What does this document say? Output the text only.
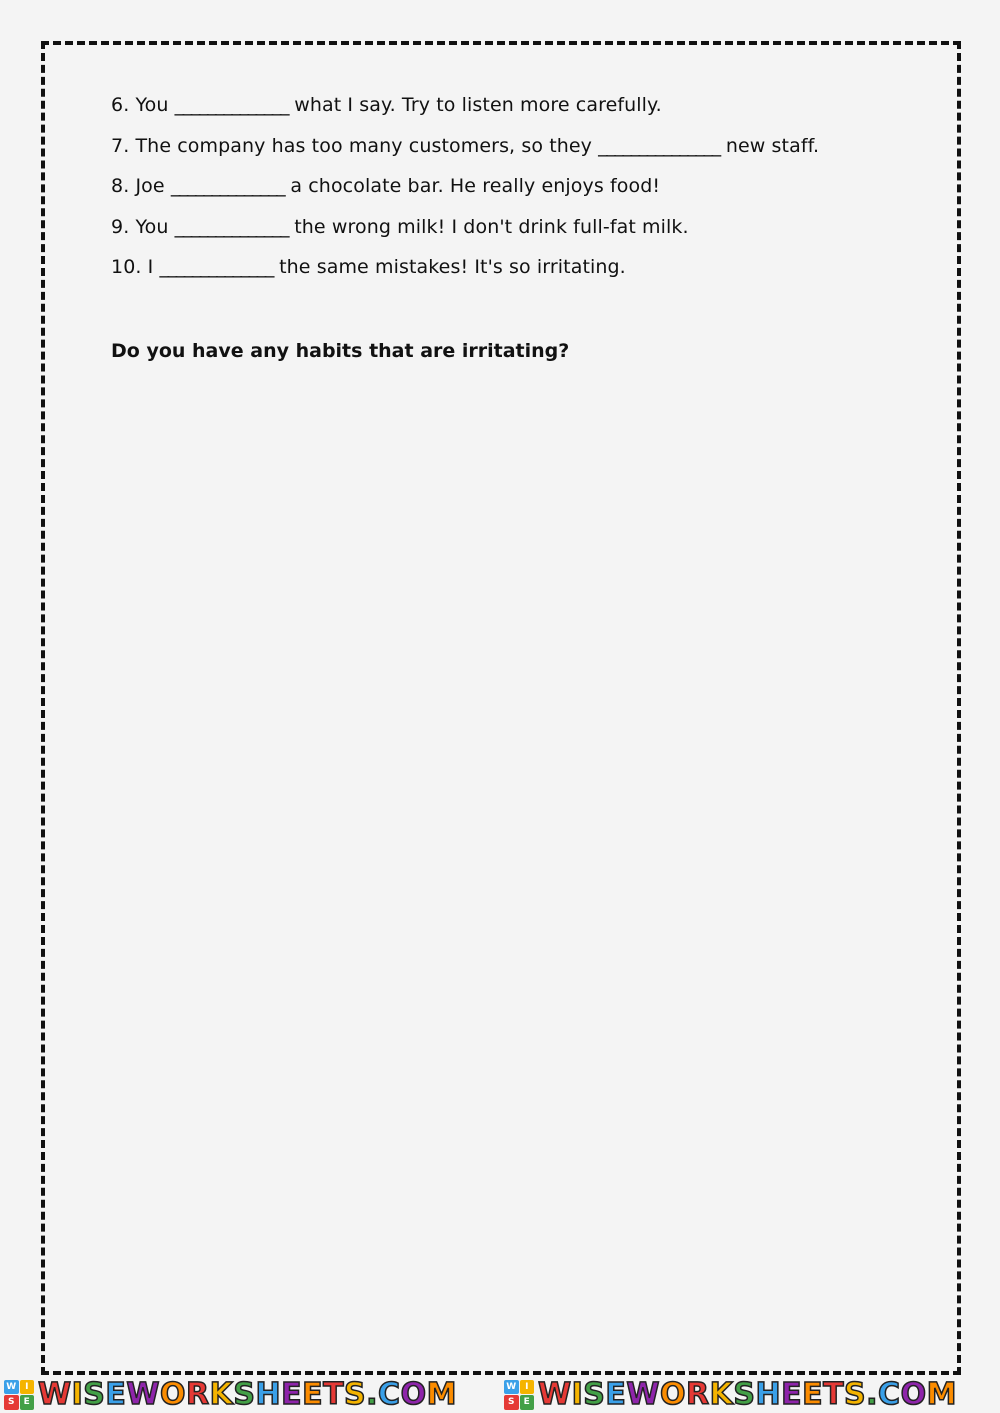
6. You ______________ what I say. Try to listen more carefully.
7. The company has too many customers, so they _______________ new staff.
8. Joe ______________ a chocolate bar. He really enjoys food!
9. You ______________ the wrong milk! I don't drink full-fat milk.
10. I ______________ the same mistakes! It's so irritating.

Do you have any habits that are irritating?

W I
S	E WISEWORKSHEETS.COM	W I
S	E WISEWORKSHEETS.COM
